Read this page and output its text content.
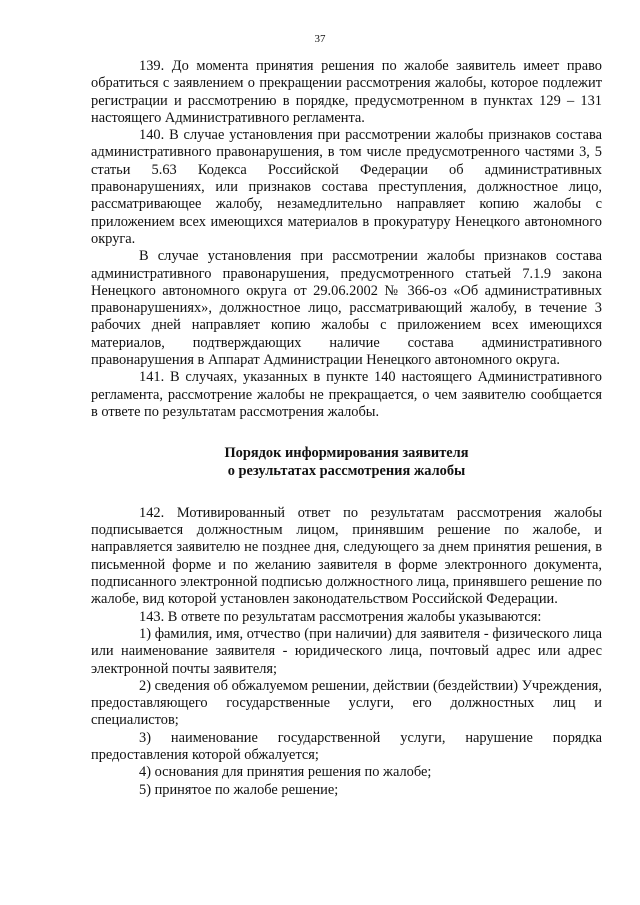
37

139. До момента принятия решения по жалобе заявитель имеет право обратиться с заявлением о прекращении рассмотрения жалобы, которое подлежит регистрации и рассмотрению в порядке, предусмотренном в пунктах 129 – 131 настоящего Административного регламента.

140. В случае установления при рассмотрении жалобы признаков состава административного правонарушения, в том числе предусмотренного частями 3, 5 статьи 5.63 Кодекса Российской Федерации об административных правонарушениях, или признаков состава преступления, должностное лицо, рассматривающее жалобу, незамедлительно направляет копию жалобы с приложением всех имеющихся материалов в прокуратуру Ненецкого автономного округа.

В случае установления при рассмотрении жалобы признаков состава административного правонарушения, предусмотренного статьей 7.1.9 закона Ненецкого автономного округа от 29.06.2002 № 366-оз «Об административных правонарушениях», должностное лицо, рассматривающий жалобу, в течение 3 рабочих дней направляет копию жалобы с приложением всех имеющихся материалов, подтверждающих наличие состава административного правонарушения в Аппарат Администрации Ненецкого автономного округа.

141. В случаях, указанных в пункте 140 настоящего Административного регламента, рассмотрение жалобы не прекращается, о чем заявителю сообщается в ответе по результатам рассмотрения жалобы.

Порядок информирования заявителя
о результатах рассмотрения жалобы

142. Мотивированный ответ по результатам рассмотрения жалобы подписывается должностным лицом, принявшим решение по жалобе, и направляется заявителю не позднее дня, следующего за днем принятия решения, в письменной форме и по желанию заявителя в форме электронного документа, подписанного электронной подписью должностного лица, принявшего решение по жалобе, вид которой установлен законодательством Российской Федерации.

143. В ответе по результатам рассмотрения жалобы указываются:

1) фамилия, имя, отчество (при наличии) для заявителя - физического лица или наименование заявителя - юридического лица, почтовый адрес или адрес электронной почты заявителя;

2) сведения об обжалуемом решении, действии (бездействии) Учреждения, предоставляющего государственные услуги, его должностных лиц и специалистов;

3) наименование государственной услуги, нарушение порядка предоставления которой обжалуется;

4) основания для принятия решения по жалобе;

5) принятое по жалобе решение;
